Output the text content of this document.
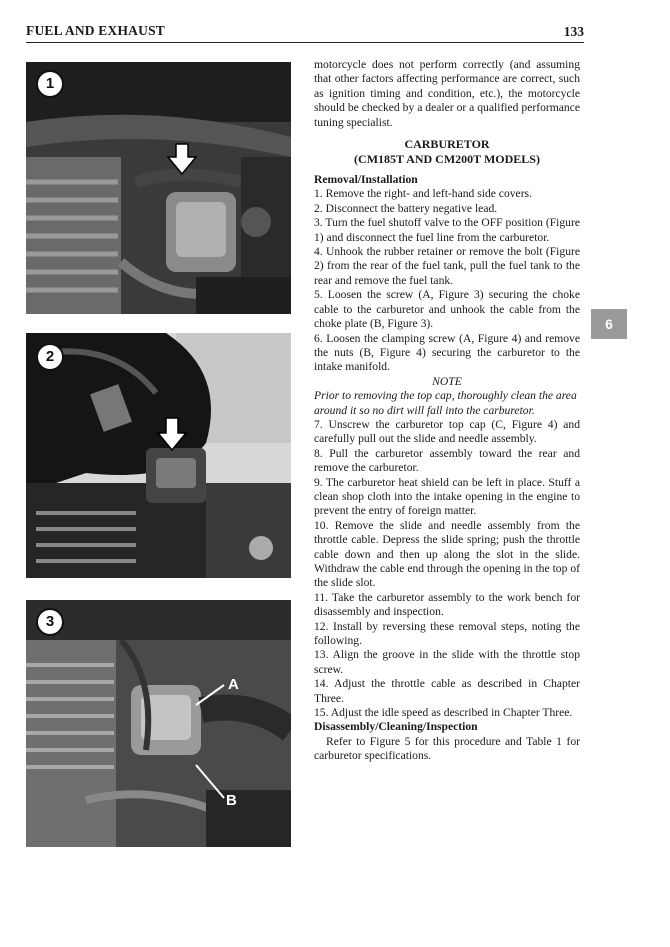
FUEL AND EXHAUST	133
1
2
A
B
3

motorcycle does not perform correctly (and assuming that other factors affecting performance are correct, such as ignition timing and condition, etc.), the motorcycle should be checked by a dealer or a qualified performance tuning specialist.

CARBURETOR
(CM185T AND CM200T MODELS)

Removal/Installation

1. Remove the right- and left-hand side covers.

2. Disconnect the battery negative lead.

3. Turn the fuel shutoff valve to the OFF position (Figure 1) and disconnect the fuel line from the carburetor.

4. Unhook the rubber retainer or remove the bolt (Figure 2) from the rear of the fuel tank, pull the fuel tank to the rear and remove the fuel tank.

5. Loosen the screw (A, Figure 3) securing the choke cable to the carburetor and unhook the cable from the choke plate (B, Figure 3).

6. Loosen the clamping screw (A, Figure 4) and remove the nuts (B, Figure 4) securing the carburetor to the intake manifold.

NOTE

Prior to removing the top cap, thoroughly clean the area around it so no dirt will fall into the carburetor.

7. Unscrew the carburetor top cap (C, Figure 4) and carefully pull out the slide and needle assembly.

8. Pull the carburetor assembly toward the rear and remove the carburetor.

9. The carburetor heat shield can be left in place. Stuff a clean shop cloth into the intake opening in the engine to prevent the entry of foreign matter.

10. Remove the slide and needle assembly from the throttle cable. Depress the slide spring; push the throttle cable down and then up along the slot in the slide. Withdraw the cable end through the opening in the top of the slide slot.

11. Take the carburetor assembly to the work bench for disassembly and inspection.

12. Install by reversing these removal steps, noting the following.

13. Align the groove in the slide with the throttle stop screw.

14. Adjust the throttle cable as described in Chapter Three.

15. Adjust the idle speed as described in Chapter Three.

Disassembly/Cleaning/Inspection

Refer to Figure 5 for this procedure and Table 1 for carburetor specifications.

6
